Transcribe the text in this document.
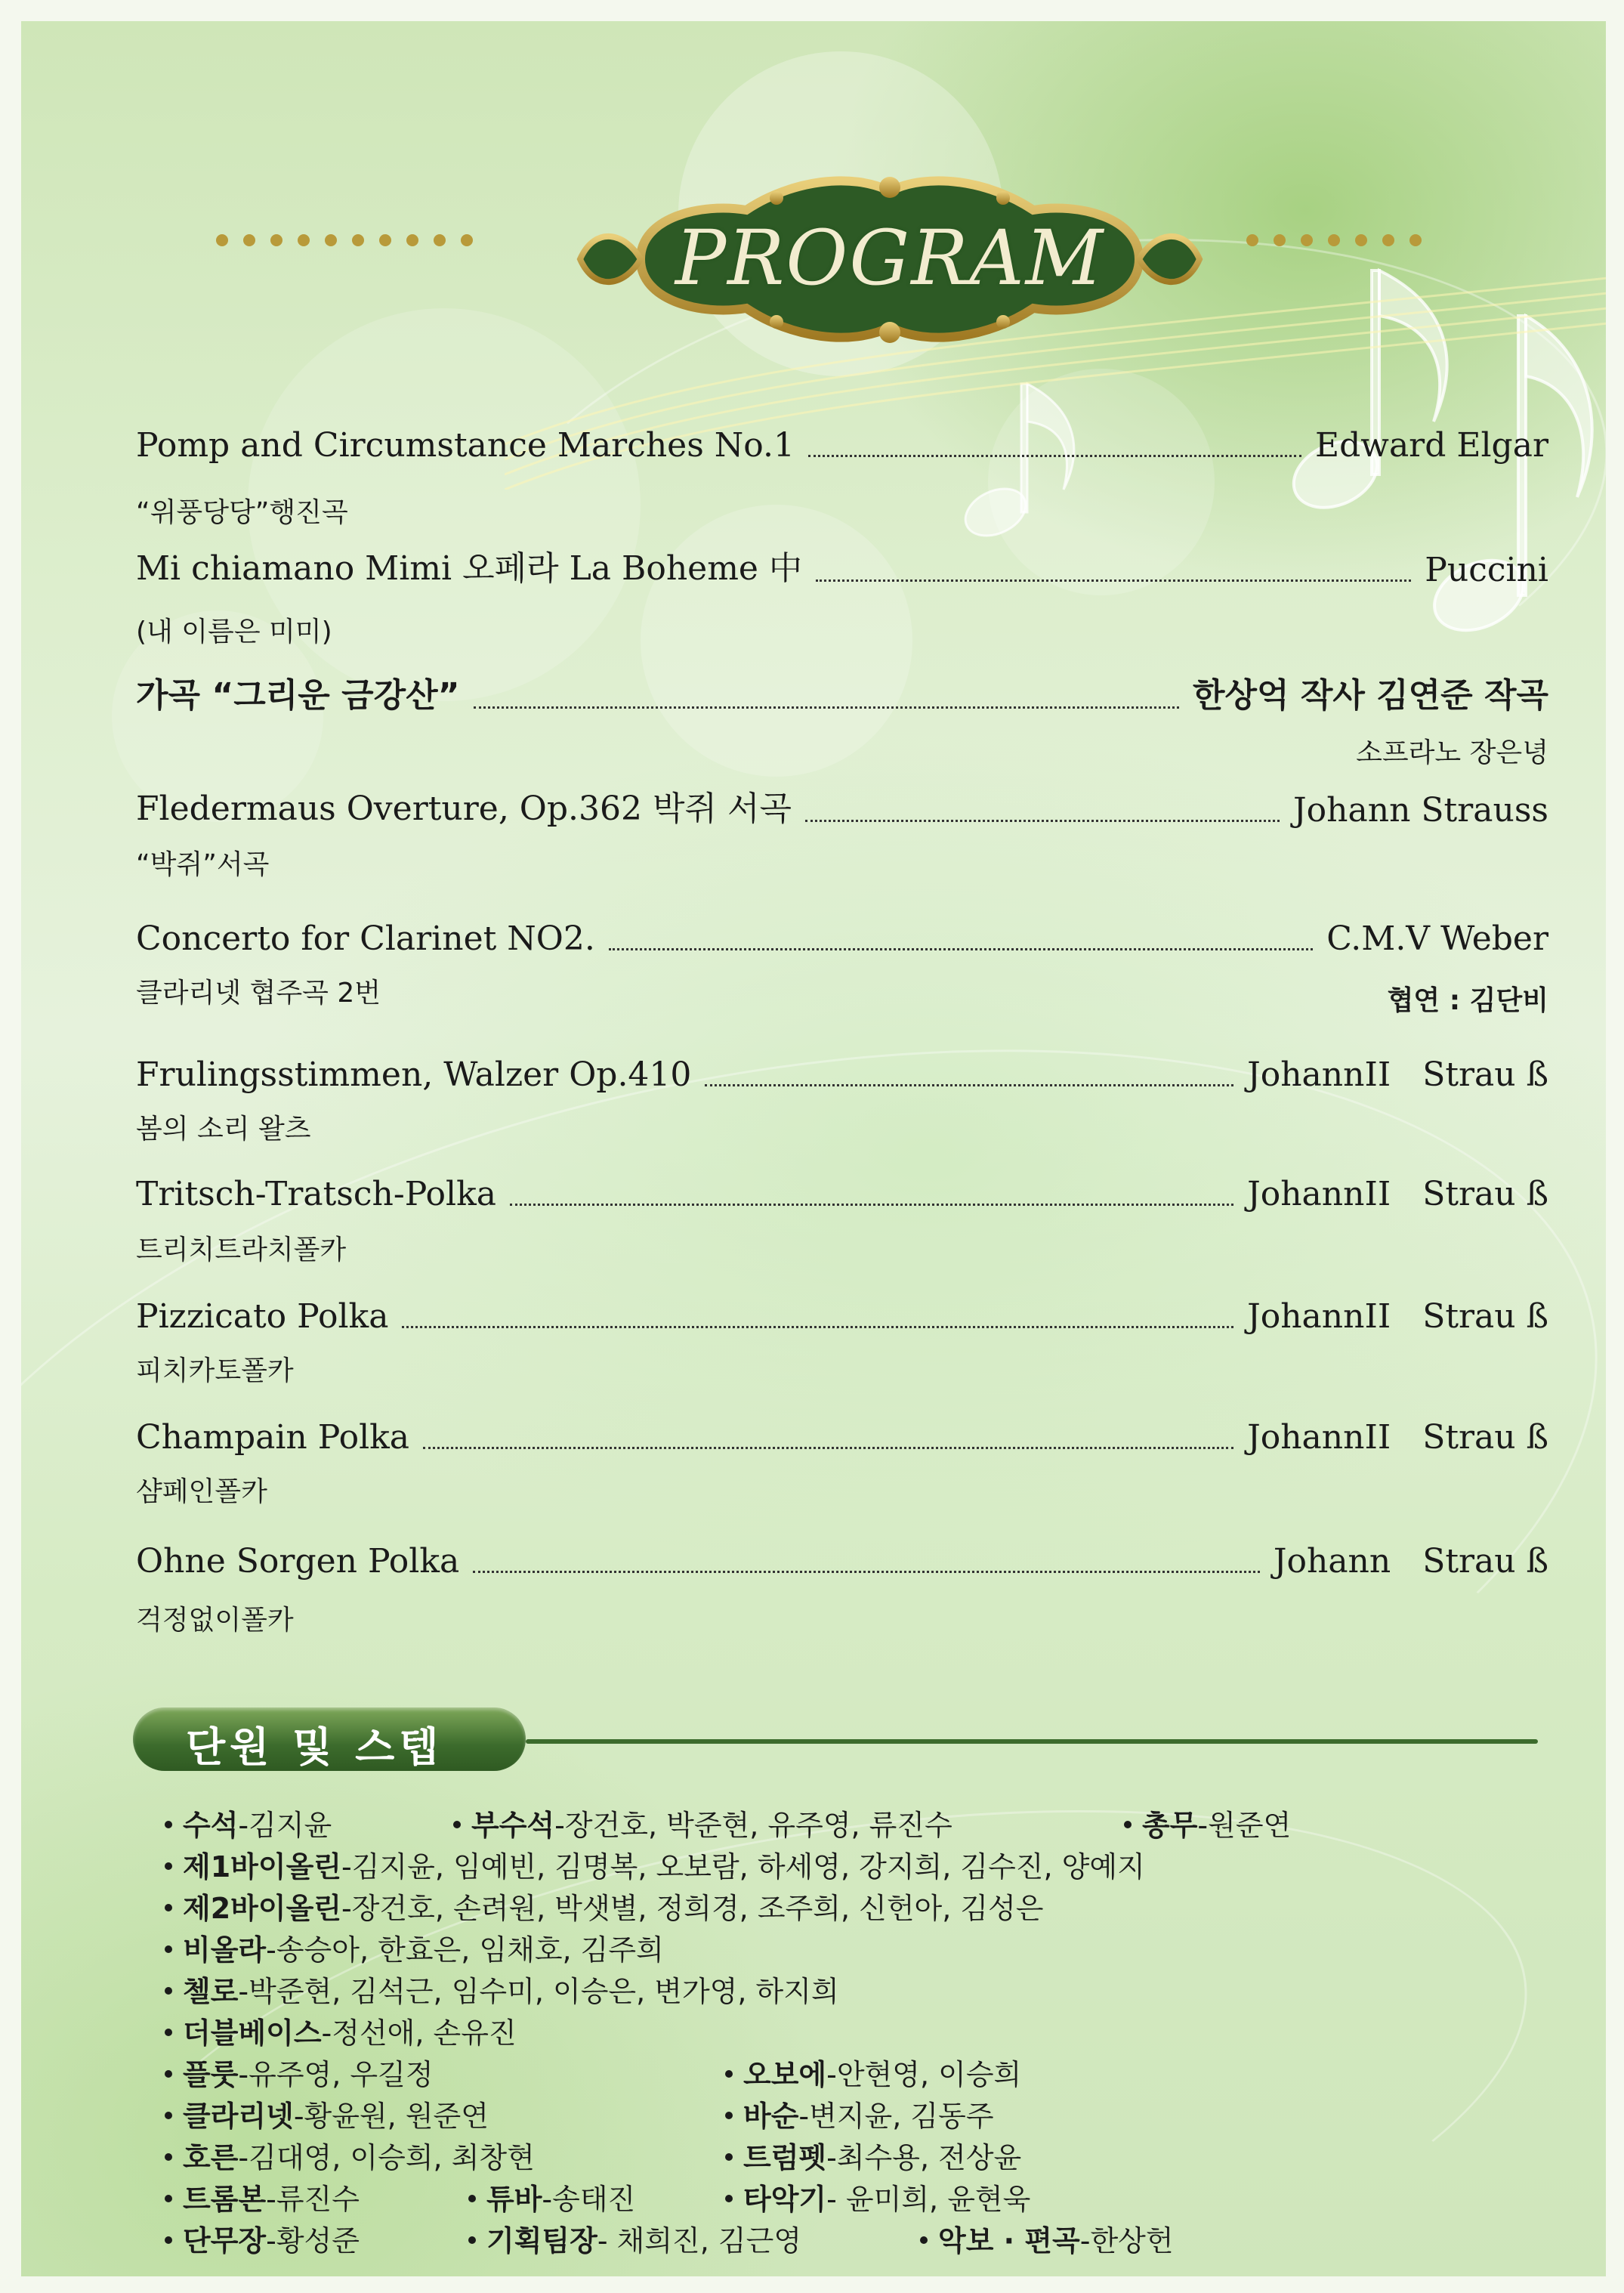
PROGRAM
Pomp and Circumstance Marches No.1	Edward Elgar
“위풍당당”행진곡
Mi chiamano Mimi 오페라 La Boheme 中	Puccini
(내 이름은 미미)
가곡 “그리운 금강산”	한상억 작사 김연준 작곡
소프라노 장은녕
Fledermaus Overture, Op.362 박쥐 서곡	Johann Strauss
“박쥐”서곡
Concerto for Clarinet NO2.	C.M.V Weber
클라리넷 협주곡 2번	협연 : 김단비
Frulingsstimmen, Walzer Op.410	JohannII   Strau ß
봄의 소리 왈츠
Tritsch-Tratsch-Polka	JohannII   Strau ß
트리치트라치폴카
Pizzicato Polka	JohannII   Strau ß
피치카토폴카
Champain Polka	JohannII   Strau ß
샴페인폴카
Ohne Sorgen Polka	Johann   Strau ß
걱정없이폴카
단원 및 스텝
수석-김지윤	부수석-장건호, 박준현, 유주영, 류진수	총무-원준연
제1바이올린-김지윤, 임예빈, 김명복, 오보람, 하세영, 강지희, 김수진, 양예지
제2바이올린-장건호, 손려원, 박샛별, 정희경, 조주희, 신헌아, 김성은
비올라-송승아, 한효은, 임채호, 김주희
첼로-박준현, 김석근, 임수미, 이승은, 변가영, 하지희
더블베이스-정선애, 손유진
플룻-유주영, 우길정	오보에-안현영, 이승희
클라리넷-황윤원, 원준연	바순-변지윤, 김동주
호른-김대영, 이승희, 최창현	트럼펫-최수용, 전상윤
트롬본-류진수	튜바-송태진	타악기- 윤미희, 윤현욱
단무장-황성준	기획팀장- 채희진, 김근영	악보 · 편곡-한상헌
